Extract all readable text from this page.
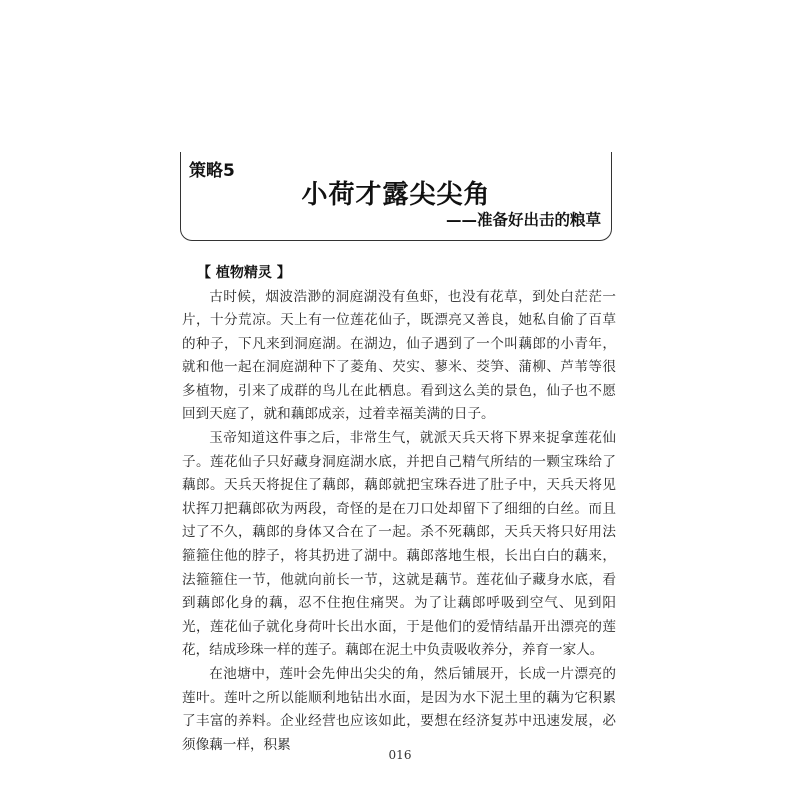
策略5
小荷才露尖尖角
——准备好出击的粮草
【 植物精灵 】

古时候，烟波浩渺的洞庭湖没有鱼虾，也没有花草，到处白茫茫一片，十分荒凉。天上有一位莲花仙子，既漂亮又善良，她私自偷了百草的种子，下凡来到洞庭湖。在湖边，仙子遇到了一个叫藕郎的小青年，就和他一起在洞庭湖种下了菱角、芡实、蓼米、茭笋、蒲柳、芦苇等很多植物，引来了成群的鸟儿在此栖息。看到这么美的景色，仙子也不愿回到天庭了，就和藕郎成亲，过着幸福美满的日子。

玉帝知道这件事之后，非常生气，就派天兵天将下界来捉拿莲花仙子。莲花仙子只好藏身洞庭湖水底，并把自己精气所结的一颗宝珠给了藕郎。天兵天将捉住了藕郎，藕郎就把宝珠吞进了肚子中，天兵天将见状挥刀把藕郎砍为两段，奇怪的是在刀口处却留下了细细的白丝。而且过了不久，藕郎的身体又合在了一起。杀不死藕郎，天兵天将只好用法箍箍住他的脖子，将其扔进了湖中。藕郎落地生根，长出白白的藕来，法箍箍住一节，他就向前长一节，这就是藕节。莲花仙子藏身水底，看到藕郎化身的藕，忍不住抱住痛哭。为了让藕郎呼吸到空气、见到阳光，莲花仙子就化身荷叶长出水面，于是他们的爱情结晶开出漂亮的莲花，结成珍珠一样的莲子。藕郎在泥土中负责吸收养分，养育一家人。

在池塘中，莲叶会先伸出尖尖的角，然后铺展开，长成一片漂亮的莲叶。莲叶之所以能顺利地钻出水面，是因为水下泥土里的藕为它积累了丰富的养料。企业经营也应该如此，要想在经济复苏中迅速发展，必须像藕一样，积累

016
